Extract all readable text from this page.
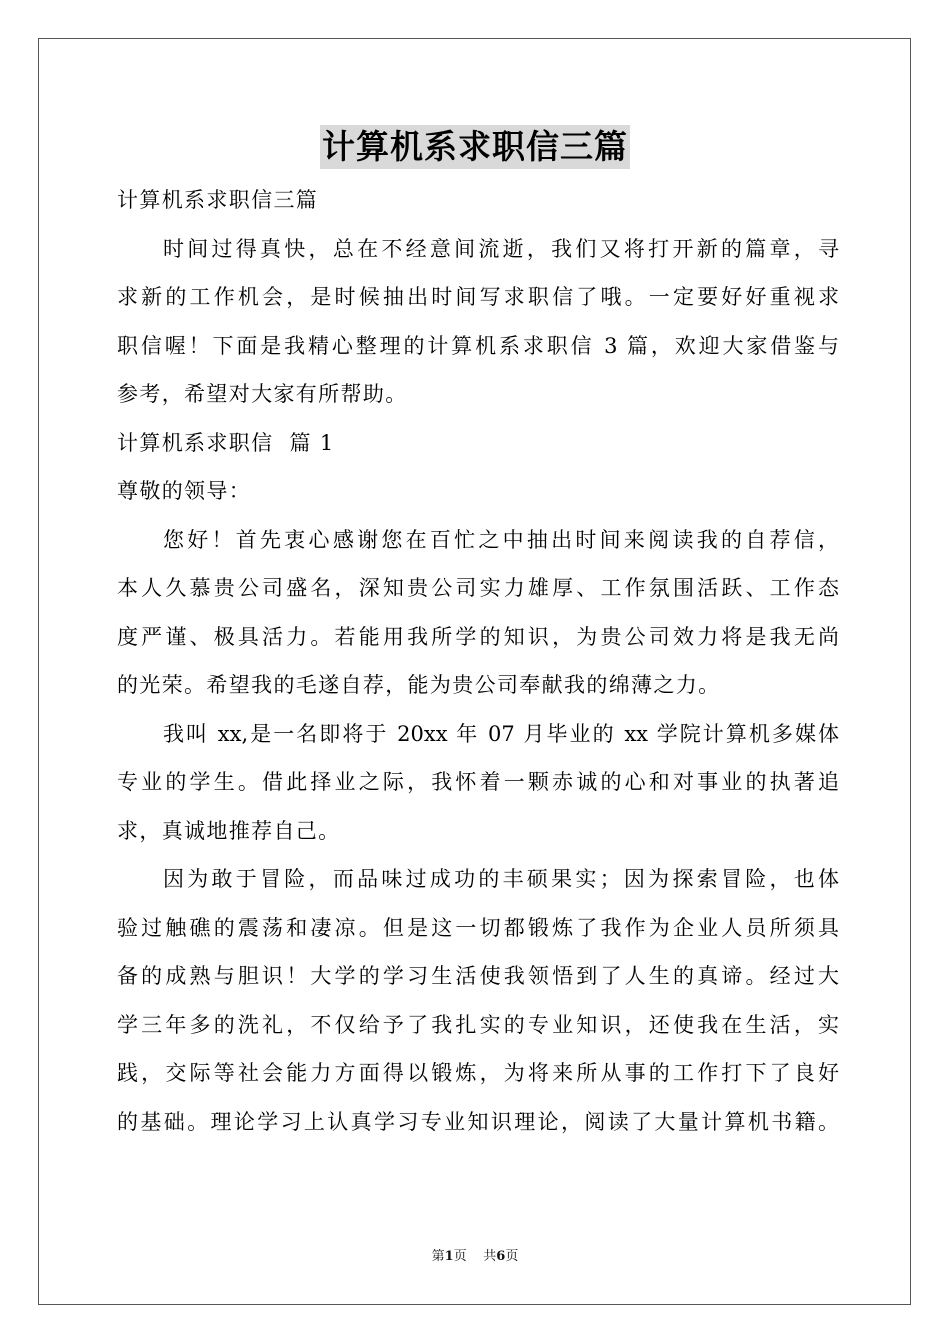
计算机系求职信三篇
计算机系求职信三篇
时间过得真快，总在不经意间流逝，我们又将打开新的篇章，寻
求新的工作机会，是时候抽出时间写求职信了哦。一定要好好重视求
职信喔！下面是我精心整理的计算机系求职信 3 篇，欢迎大家借鉴与
参考，希望对大家有所帮助。
计算机系求职信  篇 1
尊敬的领导：
您好！首先衷心感谢您在百忙之中抽出时间来阅读我的自荐信，
本人久慕贵公司盛名，深知贵公司实力雄厚、工作氛围活跃、工作态
度严谨、极具活力。若能用我所学的知识，为贵公司效力将是我无尚
的光荣。希望我的毛遂自荐，能为贵公司奉献我的绵薄之力。
我叫 xx,是一名即将于 20xx 年 07 月毕业的 xx 学院计算机多媒体
专业的学生。借此择业之际，我怀着一颗赤诚的心和对事业的执著追
求，真诚地推荐自己。
因为敢于冒险，而品味过成功的丰硕果实；因为探索冒险，也体
验过触礁的震荡和凄凉。但是这一切都锻炼了我作为企业人员所须具
备的成熟与胆识！大学的学习生活使我领悟到了人生的真谛。经过大
学三年多的洗礼，不仅给予了我扎实的专业知识，还使我在生活，实
践，交际等社会能力方面得以锻炼，为将来所从事的工作打下了良好
的基础。理论学习上认真学习专业知识理论，阅读了大量计算机书籍。
第1页 共6页
